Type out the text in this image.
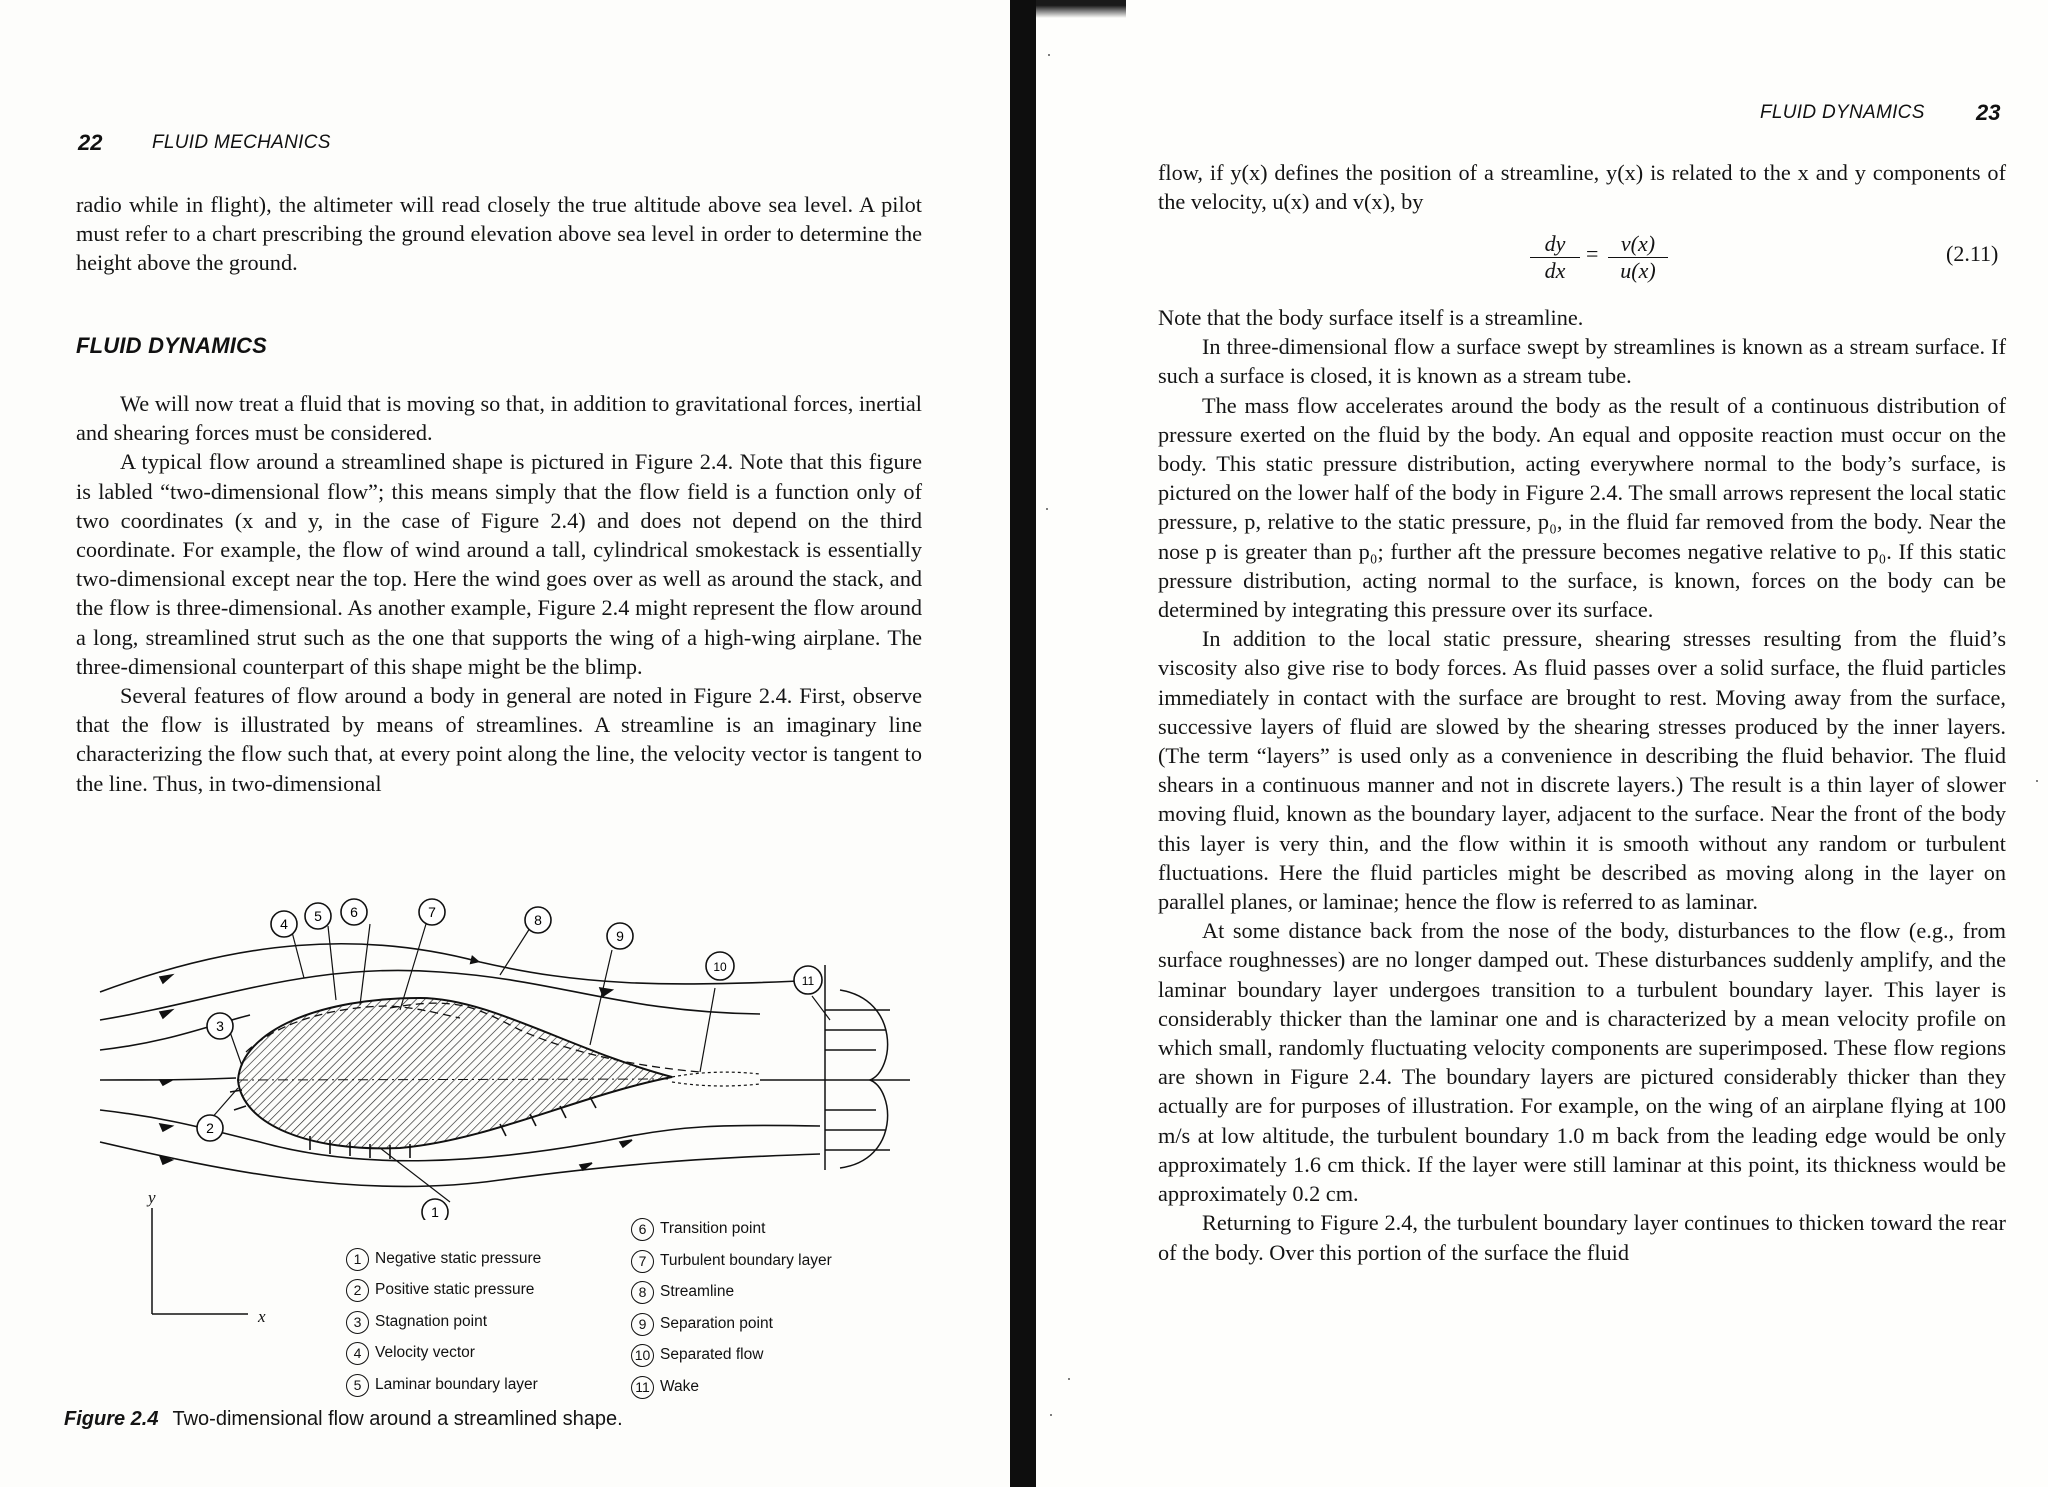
22	FLUID MECHANICS

radio while in flight), the altimeter will read closely the true altitude above sea level. A pilot must refer to a chart prescribing the ground elevation above sea level in order to determine the height above the ground.

FLUID DYNAMICS

We will now treat a fluid that is moving so that, in addition to gravitational forces, inertial and shearing forces must be considered.

A typical flow around a streamlined shape is pictured in Figure 2.4. Note that this figure is labled “two-dimensional flow”; this means simply that the flow field is a function only of two coordinates (x and y, in the case of Figure 2.4) and does not depend on the third coordinate. For example, the flow of wind around a tall, cylindrical smokestack is essentially two-dimensional except near the top. Here the wind goes over as well as around the stack, and the flow is three-dimensional. As another example, Figure 2.4 might represent the flow around a long, streamlined strut such as the one that supports the wing of a high-wing airplane. The three-dimensional counterpart of this shape might be the blimp.

Several features of flow around a body in general are noted in Figure 2.4. First, observe that the flow is illustrated by means of streamlines. A streamline is an imaginary line characterizing the flow such that, at every point along the line, the velocity vector is tangent to the line. Thus, in two-dimensional

1
2
3
4 5 6	7	8
9
10
11
y
x
1 Negative static pressure
2 Positive static pressure
3 Stagnation point
4 Velocity vector
5 Laminar boundary layer
6 Transition point
7 Turbulent boundary layer
8 Streamline
9 Separation point
10 Separated flow
11 Wake
Figure 2.4 Two-dimensional flow around a streamlined shape.
FLUID DYNAMICS 23

flow, if y(x) defines the position of a streamline, y(x) is related to the x and y components of the velocity, u(x) and v(x), by

dy
dx
=	v(x)
u(x)
(2.11)

Note that the body surface itself is a streamline.

In three-dimensional flow a surface swept by streamlines is known as a stream surface. If such a surface is closed, it is known as a stream tube.

The mass flow accelerates around the body as the result of a continuous distribution of pressure exerted on the fluid by the body. An equal and opposite reaction must occur on the body. This static pressure distribution, acting everywhere normal to the body’s surface, is pictured on the lower half of the body in Figure 2.4. The small arrows represent the local static pressure, p, relative to the static pressure, p₀, in the fluid far removed from the body. Near the nose p is greater than p₀; further aft the pressure becomes negative relative to p₀. If this static pressure distribution, acting normal to the surface, is known, forces on the body can be determined by integrating this pressure over its surface.

In addition to the local static pressure, shearing stresses resulting from the fluid’s viscosity also give rise to body forces. As fluid passes over a solid surface, the fluid particles immediately in contact with the surface are brought to rest. Moving away from the surface, successive layers of fluid are slowed by the shearing stresses produced by the inner layers. (The term “layers” is used only as a convenience in describing the fluid behavior. The fluid shears in a continuous manner and not in discrete layers.) The result is a thin layer of slower moving fluid, known as the boundary layer, adjacent to the surface. Near the front of the body this layer is very thin, and the flow within it is smooth without any random or turbulent fluctuations. Here the fluid particles might be described as moving along in the layer on parallel planes, or laminae; hence the flow is referred to as laminar.

At some distance back from the nose of the body, disturbances to the flow (e.g., from surface roughnesses) are no longer damped out. These disturbances suddenly amplify, and the laminar boundary layer undergoes transition to a turbulent boundary layer. This layer is considerably thicker than the laminar one and is characterized by a mean velocity profile on which small, randomly fluctuating velocity components are superimposed. These flow regions are shown in Figure 2.4. The boundary layers are pictured considerably thicker than they actually are for purposes of illustration. For example, on the wing of an airplane flying at 100 m/s at low altitude, the turbulent boundary 1.0 m back from the leading edge would be only approximately 1.6 cm thick. If the layer were still laminar at this point, its thickness would be approximately 0.2 cm.

Returning to Figure 2.4, the turbulent boundary layer continues to thicken toward the rear of the body. Over this portion of the surface the fluid
